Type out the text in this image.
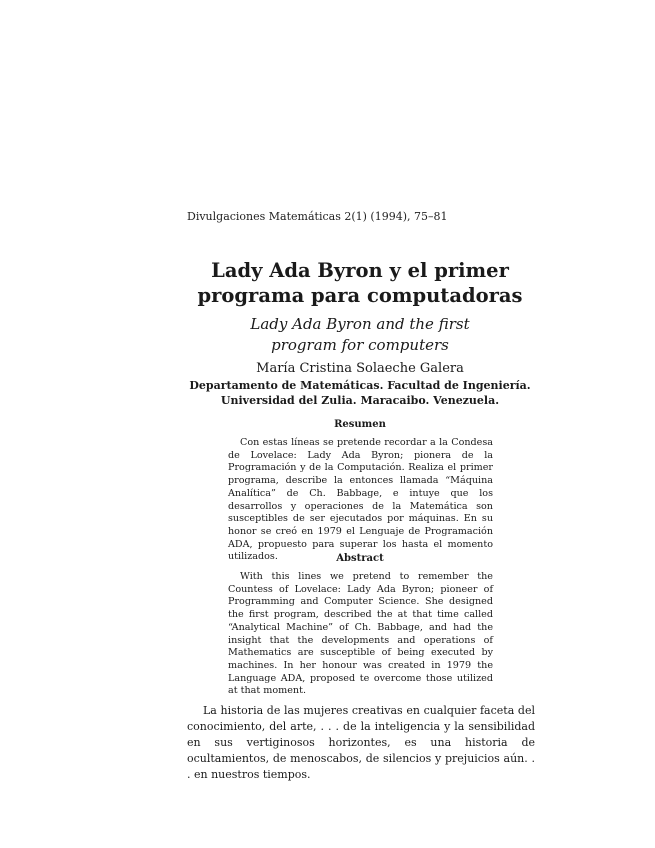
Divulgaciones Matemáticas 2(1) (1994), 75–81
Lady Ada Byron y el primer
programa para computadoras
Lady Ada Byron and the first
program for computers
María Cristina Solaeche Galera
Departamento de Matemáticas. Facultad de Ingeniería.
Universidad del Zulia. Maracaibo. Venezuela.
Resumen
Con estas líneas se pretende recordar a la Condesa de Lovelace: Lady Ada Byron; pionera de la Programación y de la Computación. Realiza el primer programa, describe la entonces llamada “Máquina Analítica” de Ch. Babbage, e intuye que los desarrollos y operaciones de la Matemática son susceptibles de ser ejecutados por máquinas. En su honor se creó en 1979 el Lenguaje de Programación ADA, propuesto para superar los hasta el momento utilizados.	Abstract
With this lines we pretend to remember the Countess of Lovelace: Lady Ada Byron; pioneer of Programming and Computer Science. She designed the first program, described the at that time called “Analytical Machine” of Ch. Babbage, and had the insight that the developments and operations of Mathematics are susceptible of being executed by machines. In her honour was created in 1979 the Language ADA, proposed te overcome those utilized at that moment.
La historia de las mujeres creativas en cualquier faceta del conocimiento, del arte, . . . de la inteligencia y la sensibilidad en sus vertiginosos horizontes, es una historia de ocultamientos, de menoscabos, de silencios y prejuicios aún. . . en nuestros tiempos.
